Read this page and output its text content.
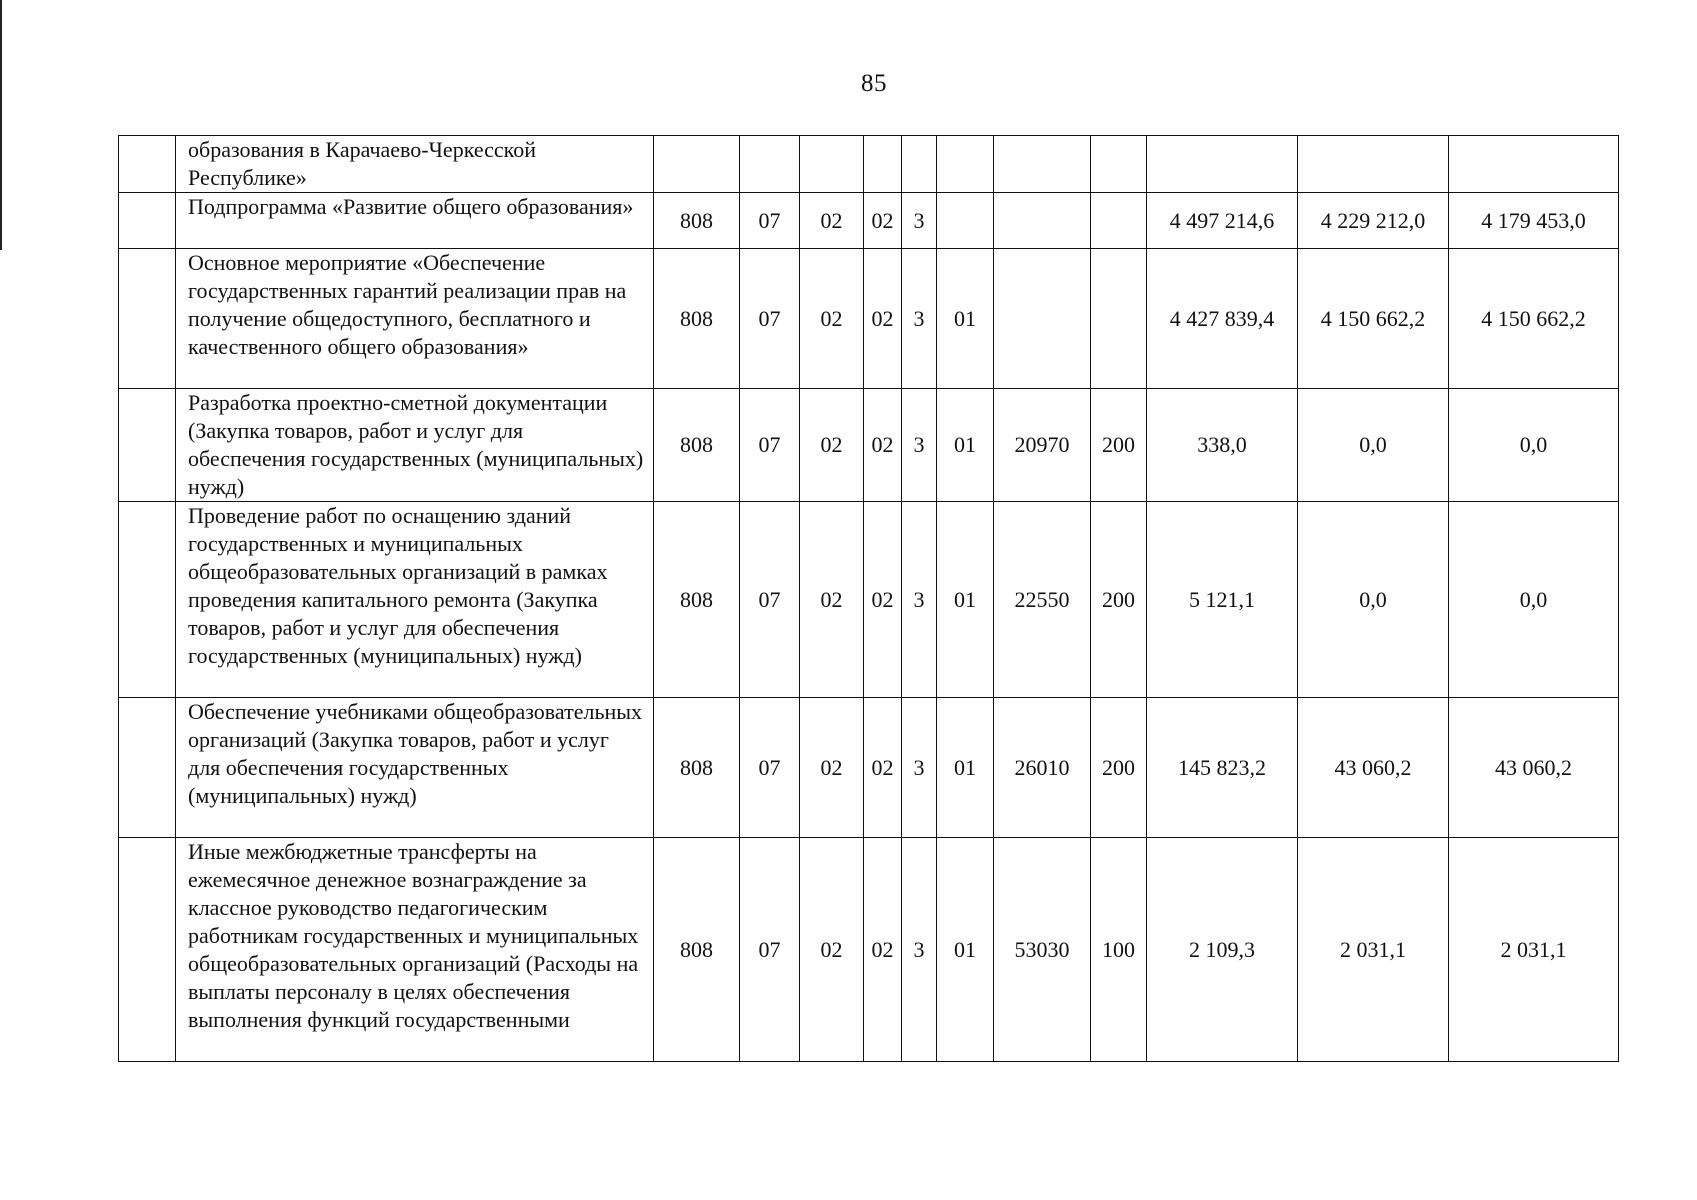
85
	образования в Карачаево-Черкесской Республике»											
	Подпрограмма «Развитие общего образования»	808	07	02	02	3				4 497 214,6	4 229 212,0	4 179 453,0
	Основное мероприятие «Обеспечение государственных гарантий реализации прав на получение общедоступного, бесплатного и качественного общего образования»	808	07	02	02	3	01			4 427 839,4	4 150 662,2	4 150 662,2
	Разработка проектно-сметной документации (Закупка товаров, работ и услуг для обеспечения государственных (муниципальных) нужд)	808	07	02	02	3	01	20970	200	338,0	0,0	0,0
	Проведение работ по оснащению зданий государственных и муниципальных общеобразовательных организаций в рамках проведения капитального ремонта (Закупка товаров, работ и услуг для обеспечения государственных (муниципальных) нужд)	808	07	02	02	3	01	22550	200	5 121,1	0,0	0,0
	Обеспечение учебниками общеобразовательных организаций (Закупка товаров, работ и услуг для обеспечения государственных (муниципальных) нужд)	808	07	02	02	3	01	26010	200	145 823,2	43 060,2	43 060,2
	Иные межбюджетные трансферты на ежемесячное денежное вознаграждение за классное руководство педагогическим работникам государственных и муниципальных общеобразовательных организаций (Расходы на выплаты персоналу в целях обеспечения выполнения функций государственными	808	07	02	02	3	01	53030	100	2 109,3	2 031,1	2 031,1
